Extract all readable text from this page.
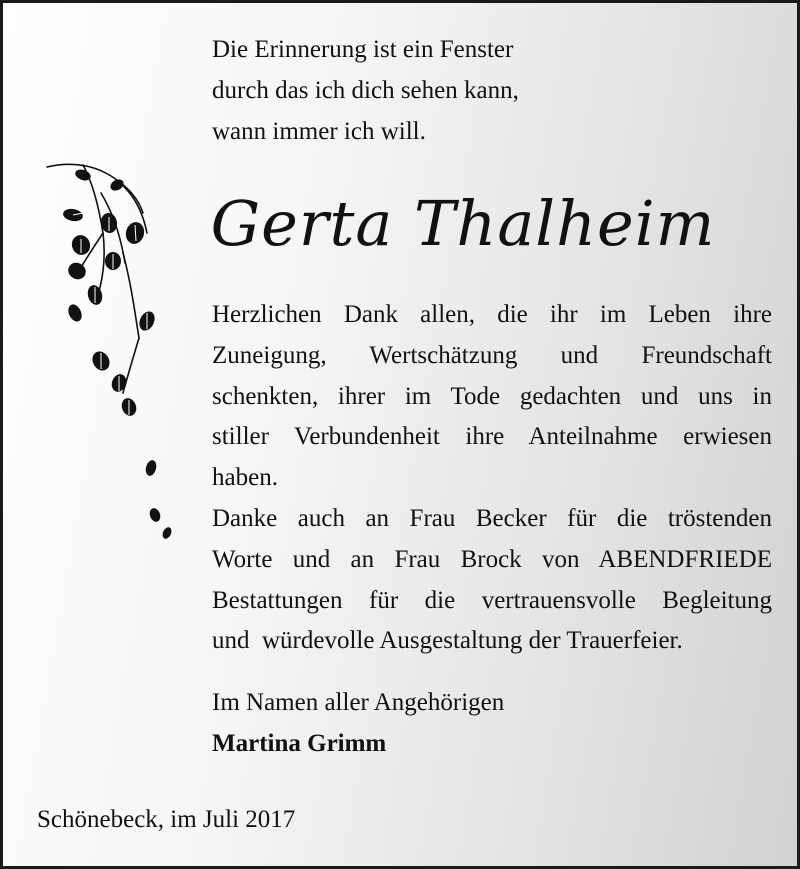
Die Erinnerung ist ein Fenster
durch das ich dich sehen kann,
wann immer ich will.
Gerta Thalheim
Herzlichen Dank allen, die ihr im Leben ihre
Zuneigung, Wertschätzung und Freundschaft
schenkten, ihrer im Tode gedachten und uns in
stiller Verbundenheit ihre Anteilnahme erwiesen
haben.
Danke auch an Frau Becker für die tröstenden
Worte und an Frau Brock von ABENDFRIEDE
Bestattungen für die vertrauensvolle Begleitung
und  würdevolle Ausgestaltung der Trauerfeier.
Im Namen aller Angehörigen
Martina Grimm
Schönebeck, im Juli 2017
